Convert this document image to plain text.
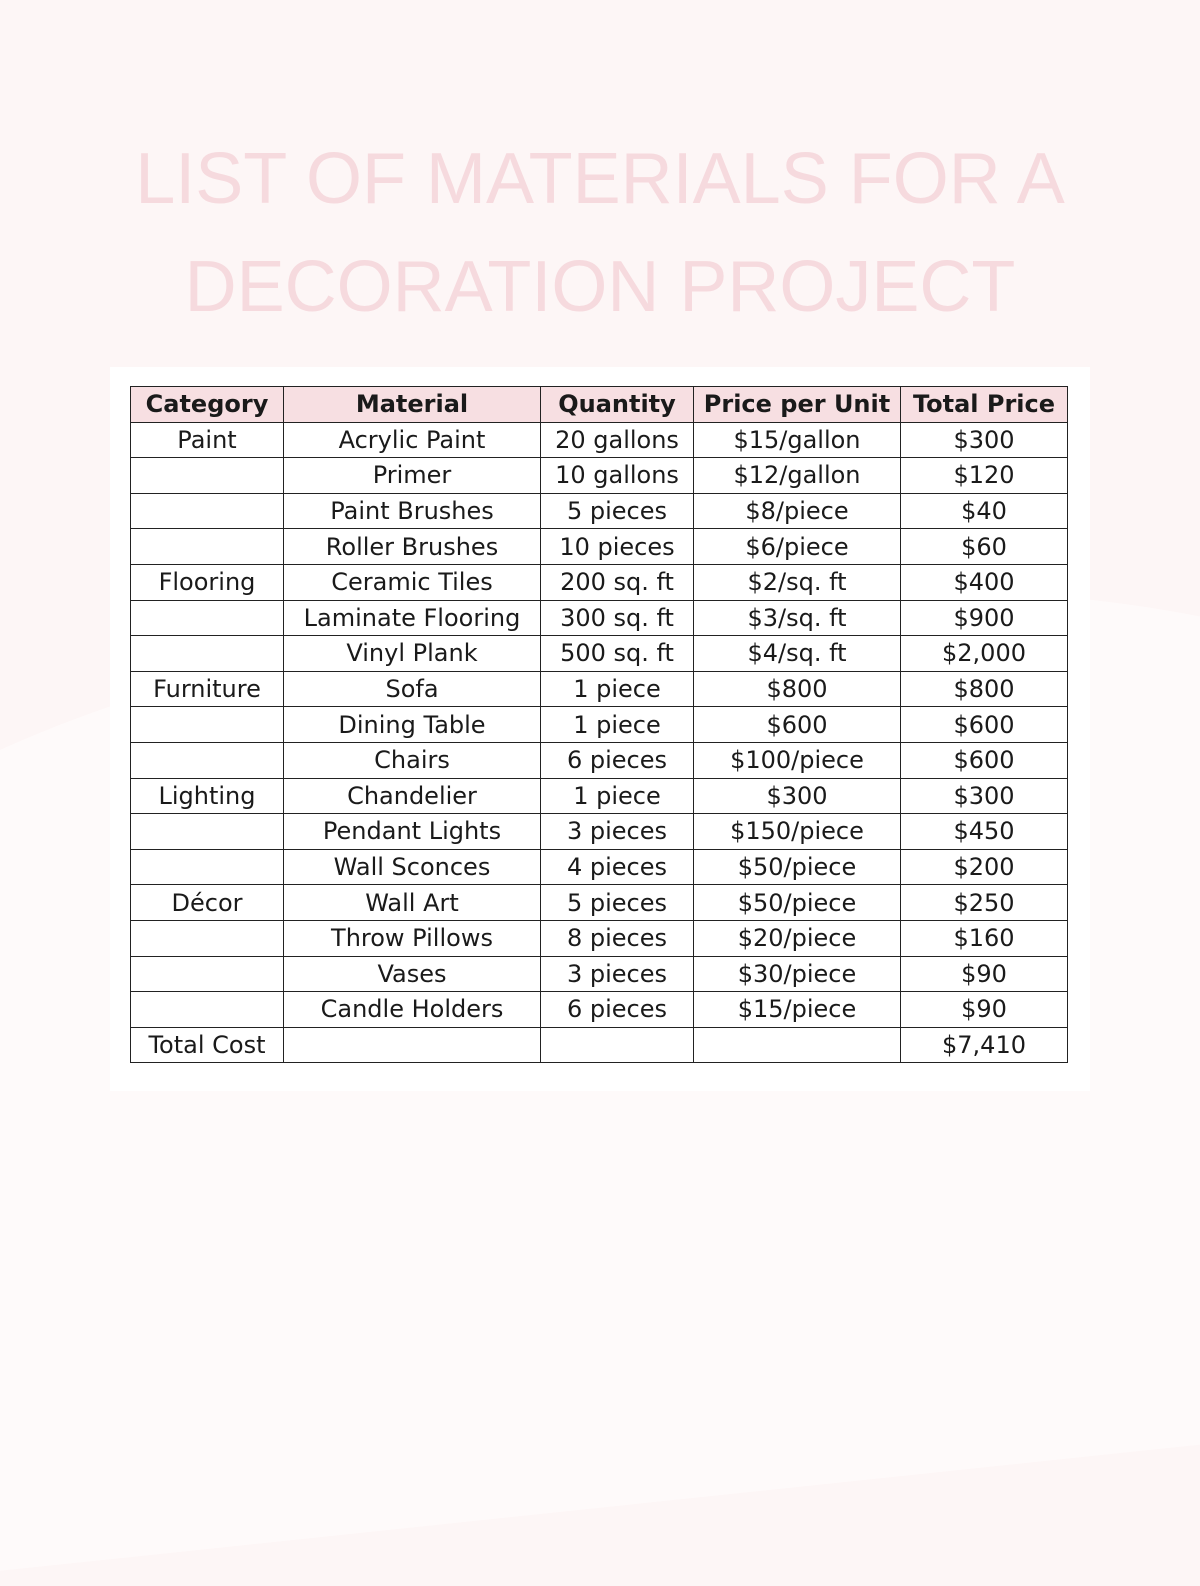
LIST OF MATERIALS FOR A
DECORATION PROJECT
Category	Material	Quantity	Price per Unit	Total Price
Paint	Acrylic Paint	20 gallons	$15/gallon	$300
	Primer	10 gallons	$12/gallon	$120
	Paint Brushes	5 pieces	$8/piece	$40
	Roller Brushes	10 pieces	$6/piece	$60
Flooring	Ceramic Tiles	200 sq. ft	$2/sq. ft	$400
	Laminate Flooring	300 sq. ft	$3/sq. ft	$900
	Vinyl Plank	500 sq. ft	$4/sq. ft	$2,000
Furniture	Sofa	1 piece	$800	$800
	Dining Table	1 piece	$600	$600
	Chairs	6 pieces	$100/piece	$600
Lighting	Chandelier	1 piece	$300	$300
	Pendant Lights	3 pieces	$150/piece	$450
	Wall Sconces	4 pieces	$50/piece	$200
Décor	Wall Art	5 pieces	$50/piece	$250
	Throw Pillows	8 pieces	$20/piece	$160
	Vases	3 pieces	$30/piece	$90
	Candle Holders	6 pieces	$15/piece	$90
Total Cost				$7,410
